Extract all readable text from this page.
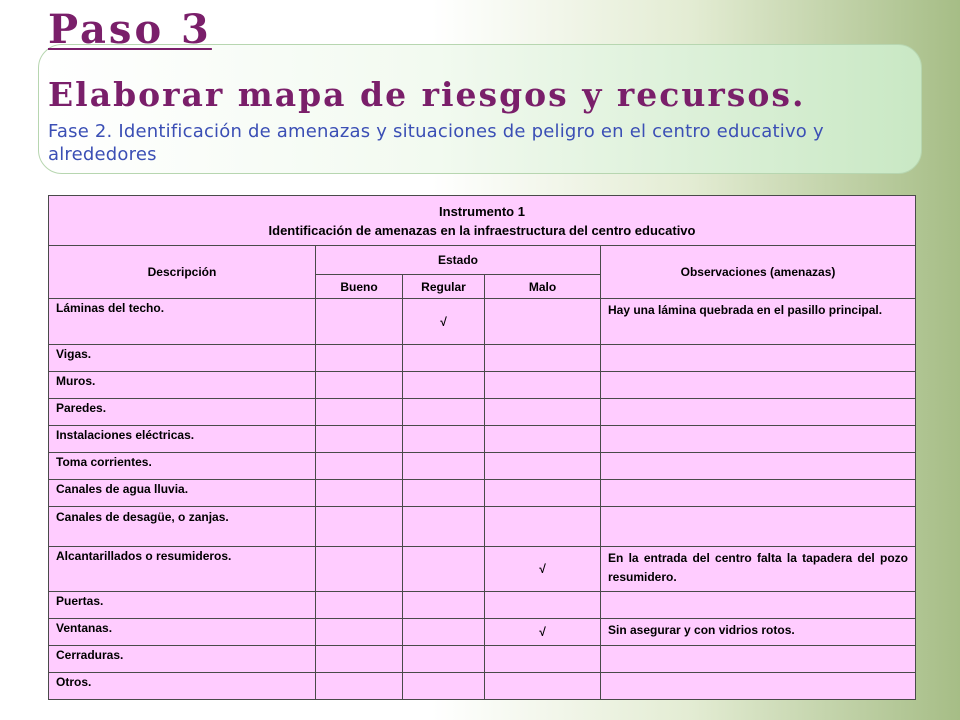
Paso 3
Elaborar mapa de riesgos y recursos.
Fase 2. Identificación de amenazas y situaciones de peligro en el centro educativo y alrededores
Instrumento 1
Identificación de amenazas en la infraestructura del centro educativo				

Descripción	Estado			Observaciones (amenazas)
	Bueno	Regular	Malo	
Láminas del techo.		√		Hay una lámina quebrada en el pasillo principal.
Vigas.				
Muros.				
Paredes.				
Instalaciones eléctricas.				
Toma corrientes.				
Canales de agua lluvia.				
Canales de desagüe, o zanjas.				
Alcantarillados o resumideros.			√	En la entrada del centro falta la tapadera del pozo resumidero.
Puertas.				
Ventanas.			√	Sin asegurar y con vidrios rotos.
Cerraduras.				
Otros.				
